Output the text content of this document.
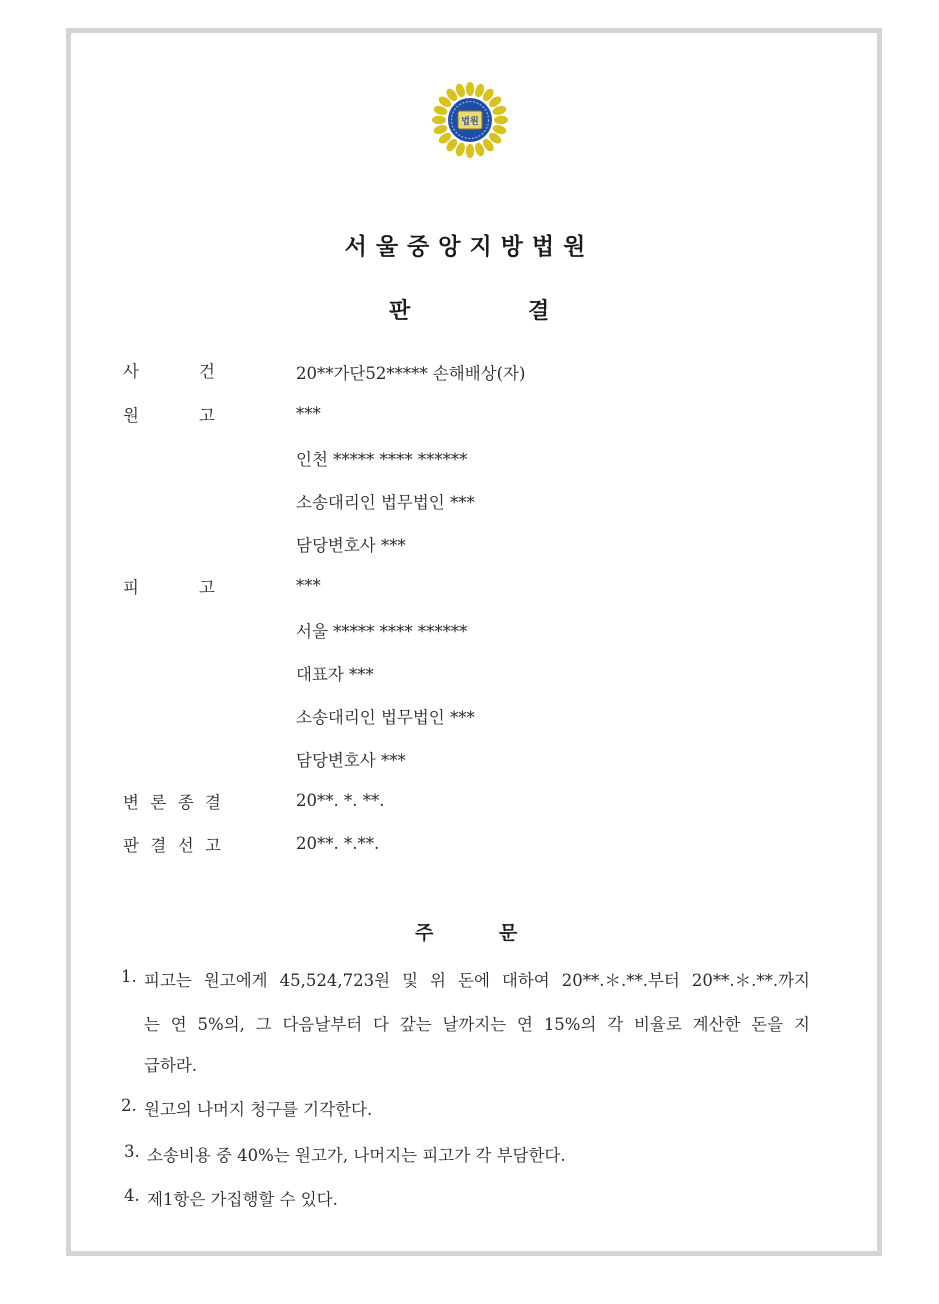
법원
서울중앙지방법원
판	결
사	건	20**가단52***** 손해배상(자)
원	고	***
인천 ***** **** ******
소송대리인 법무법인 ***
담당변호사 ***
피	고	***
서울 ***** **** ******
대표자 ***
소송대리인 법무법인 ***
담당변호사 ***
변 론 종 결	20**. *. **.
판 결 선 고	20**. *.**.
주	문
1. 피고는 원고에게 45,524,723원 및 위 돈에 대하여 20**.＊.**.부터 20**.＊.**.까지
는 연 5%의, 그 다음날부터 다 갚는 날까지는 연 15%의 각 비율로 계산한 돈을 지
급하라.
2. 원고의 나머지 청구를 기각한다.
3. 소송비용 중 40%는 원고가, 나머지는 피고가 각 부담한다.
4. 제1항은 가집행할 수 있다.
